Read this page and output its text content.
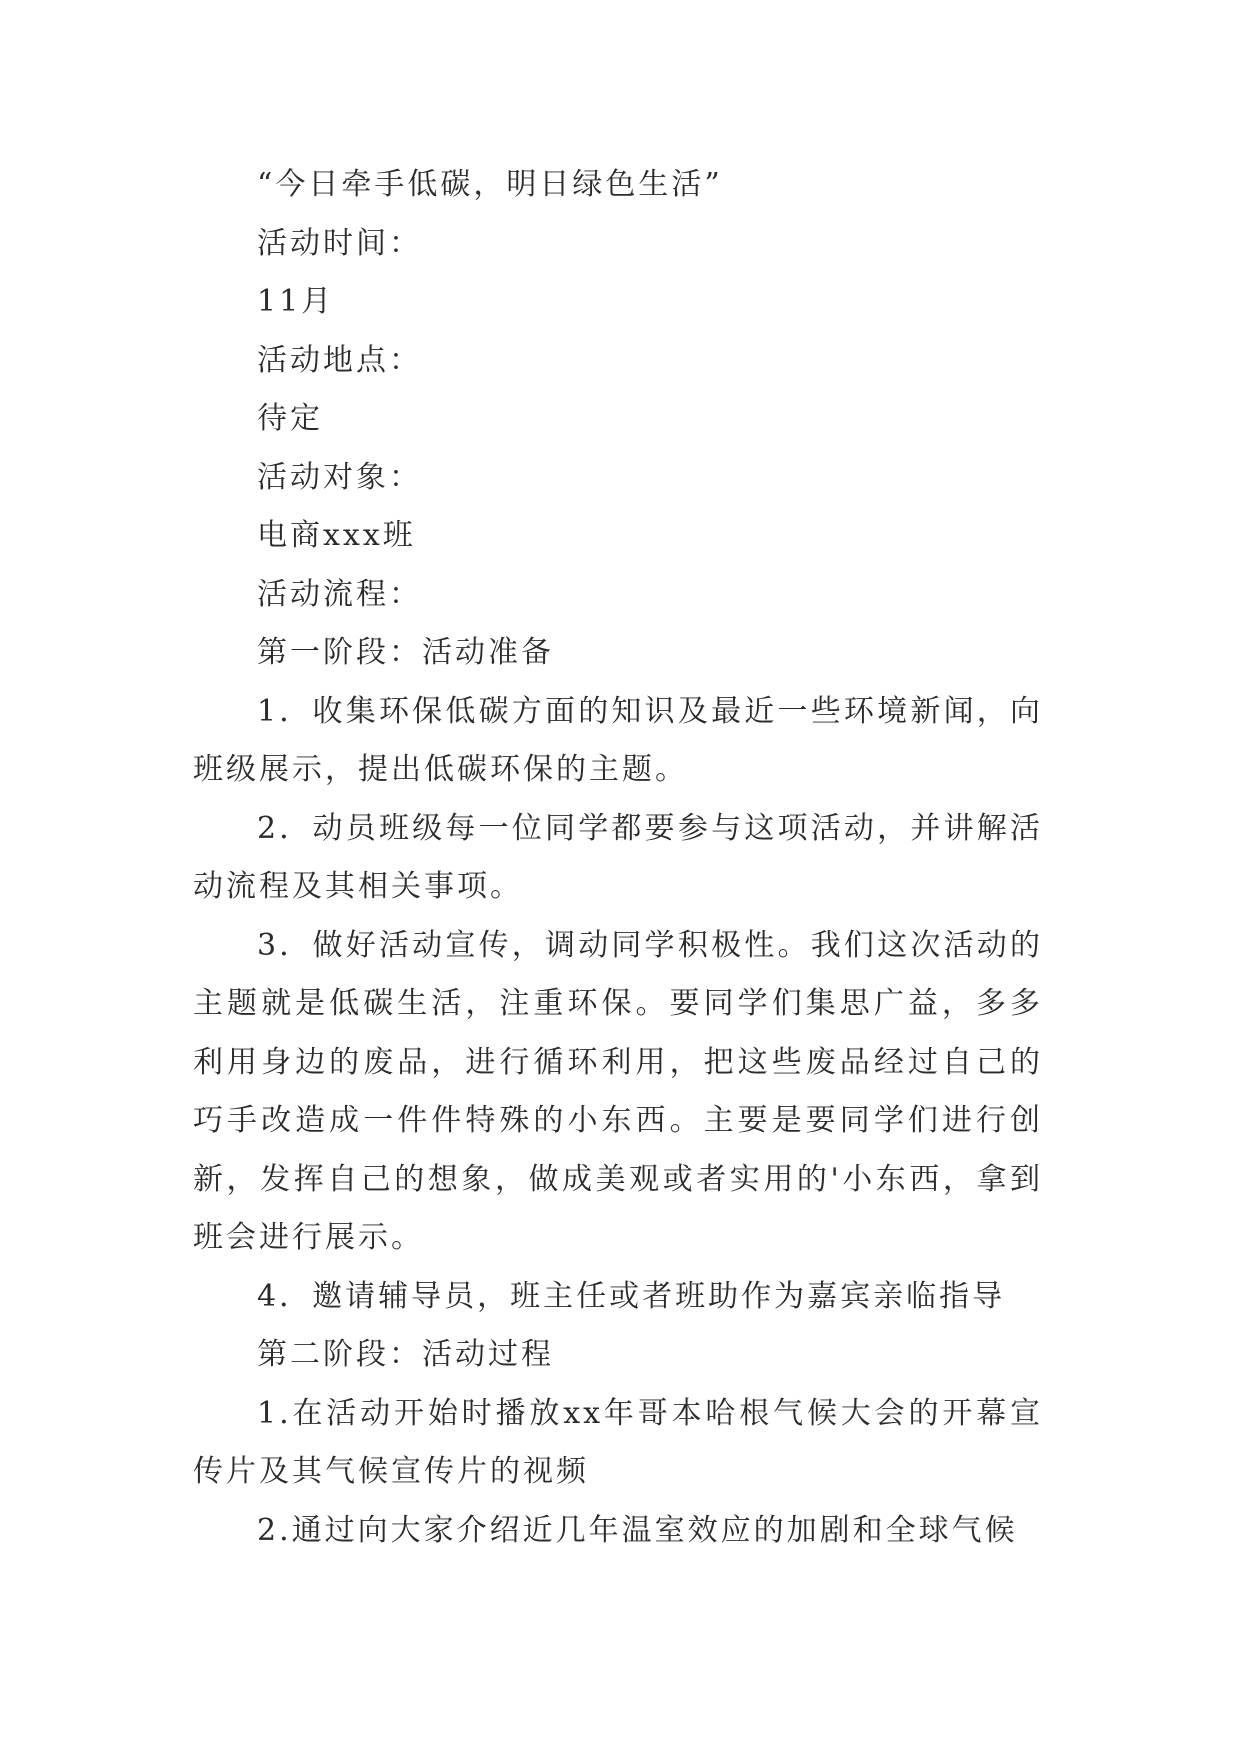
“今日牵手低碳，明日绿色生活”

活动时间：

11月

活动地点：

待定

活动对象：

电商xxx班

活动流程：

第一阶段：活动准备

1．收集环保低碳方面的知识及最近一些环境新闻，向班级展示，提出低碳环保的主题。

2．动员班级每一位同学都要参与这项活动，并讲解活动流程及其相关事项。

3．做好活动宣传，调动同学积极性。我们这次活动的主题就是低碳生活，注重环保。要同学们集思广益，多多利用身边的废品，进行循环利用，把这些废品经过自己的巧手改造成一件件特殊的小东西。主要是要同学们进行创新，发挥自己的想象，做成美观或者实用的'小东西，拿到班会进行展示。

4．邀请辅导员，班主任或者班助作为嘉宾亲临指导

第二阶段：活动过程

1.在活动开始时播放xx年哥本哈根气候大会的开幕宣传片及其气候宣传片的视频

2.通过向大家介绍近几年温室效应的加剧和全球气候
